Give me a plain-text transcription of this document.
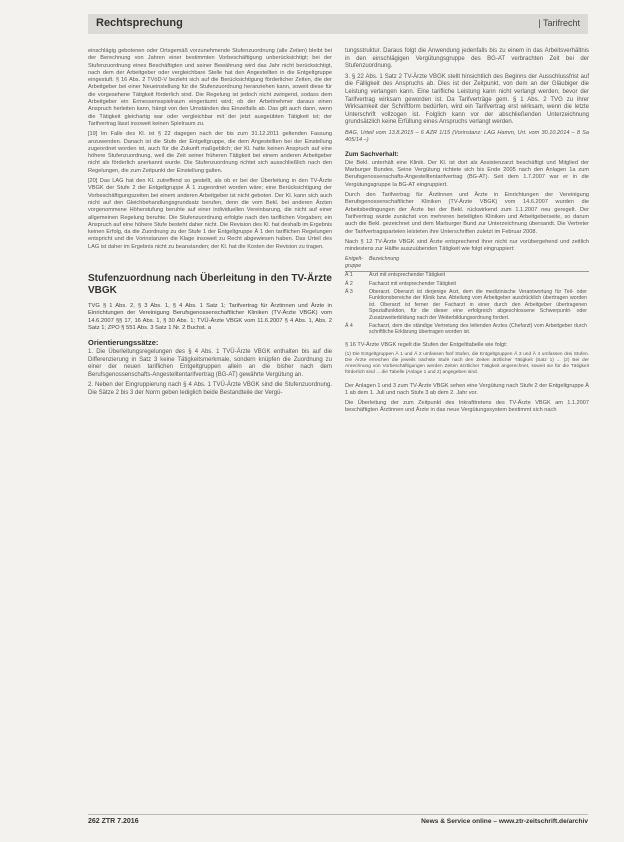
Rechtsprechung	| Tarifrecht

einschlägig gebotenen oder Ortsgemäß vorzunehmende Stufenzuordnung (alle Zeiten) bleibt bei der Berechnung von Jahren einer bestimmten Vorbeschäftigung unberücksichtigt; bei der Stufenzuordnung eines Beschäftigten und seiner Bewährung wird das Jahr nicht berücksichtigt, nach dem der Arbeitgeber oder vergleichbare Stelle hat den Angestellten in die Entgeltgruppe eingestuft. § 16 Abs. 2 TVöD-V bezieht sich auf die Berücksichtigung förderlicher Zeiten, die der Arbeitgeber bei einer Neueinstellung für die Stufenzuordnung heranziehen kann, soweit diese für die vorgesehene Tätigkeit förderlich sind. Die Regelung ist jedoch nicht zwingend, sodass dem Arbeitgeber ein Ermessensspielraum eingeräumt wird; ob der Arbeitnehmer daraus einen Anspruch herleiten kann, hängt von den Umständen des Einzelfalls ab. Das gilt auch dann, wenn die Tätigkeit gleichartig war oder vergleichbar mit der jetzt ausgeübten Tätigkeit ist; der Tarifvertrag lässt insoweit keinen Spielraum zu.

[19] Im Falle des Kl. ist § 22 dagegen nach der bis zum 31.12.2011 geltenden Fassung anzuwenden. Danach ist die Stufe der Entgeltgruppe, die dem Angestellten bei der Einstellung zugeordnet worden ist, auch für die Zukunft maßgeblich; der Kl. hatte keinen Anspruch auf eine höhere Stufenzuordnung, weil die Zeit seiner früheren Tätigkeit bei einem anderen Arbeitgeber nicht als förderlich anerkannt wurde. Die Stufenzuordnung richtet sich ausschließlich nach den Regelungen, die zum Zeitpunkt der Einstellung galten.

[20] Das LAG hat den Kl. zutreffend so gestellt, als ob er bei der Überleitung in den TV-Ärzte VBGK der Stufe 2 der Entgeltgruppe Ä 1 zugeordnet worden wäre; eine Berücksichtigung der Vorbeschäftigungszeiten bei einem anderen Arbeitgeber ist nicht geboten. Der Kl. kann sich auch nicht auf den Gleichbehandlungsgrundsatz berufen, denn die vom Bekl. bei anderen Ärzten vorgenommene Höherstufung beruhte auf einer individuellen Vereinbarung, die nicht auf einer allgemeinen Regelung beruhte. Die Stufenzuordnung erfolgte nach den tariflichen Vorgaben; ein Anspruch auf eine höhere Stufe besteht daher nicht. Die Revision des Kl. hat deshalb im Ergebnis keinen Erfolg, da die Zuordnung zu der Stufe 1 der Entgeltgruppe Ä 1 den tariflichen Regelungen entspricht und die Vorinstanzen die Klage insoweit zu Recht abgewiesen haben. Das Urteil des LAG ist daher im Ergebnis nicht zu beanstanden; der Kl. hat die Kosten der Revision zu tragen.

Stufenzuordnung nach Überleitung in den TV-Ärzte VBGK
TVG § 1 Abs. 2, § 3 Abs. 1, § 4 Abs. 1 Satz 1; Tarifvertrag für Ärztinnen und Ärzte in Einrichtungen der Vereinigung Berufsgenossenschaftlicher Kliniken (TV-Ärzte VBGK) vom 14.6.2007 §§ 17, 16 Abs. 1, § 30 Abs. 1; TVÜ-Ärzte VBGK vom 11.6.2007 § 4 Abs. 1, Abs. 2 Satz 1; ZPO § 551 Abs. 3 Satz 1 Nr. 2 Buchst. a
Orientierungssätze:

1. Die Überleitungsregelungen des § 4 Abs. 1 TVÜ-Ärzte VBGK enthalten bis auf die Differenzierung in Satz 3 keine Tätigkeitsmerkmale, sondern knüpfen die Zuordnung zu einer der neuen tariflichen Entgeltgruppen allein an die bisher nach dem Berufsgenossenschafts-Angestelltentarifvertrag (BG-AT) gewährte Vergütung an.

2. Neben der Eingruppierung nach § 4 Abs. 1 TVÜ-Ärzte VBGK sind die Stufenzuordnung. Die Sätze 2 bis 3 der Norm geben lediglich beide Bestandteile der Vergü-

tungsstruktur. Daraus folgt die Anwendung jedenfalls bis zu einem in das Arbeitsverhältnis in den einschlägigen Vergütungsgruppe des BG-AT verbrachten Zeit bei der Stufenzuordnung.

3. § 22 Abs. 1 Satz 2 TV-Ärzte VBGK stellt hinsichtlich des Beginns der Ausschlussfrist auf die Fälligkeit des Anspruchs ab. Dies ist der Zeitpunkt, von dem an der Gläubiger die Leistung verlangen kann. Eine tarifliche Leistung kann nicht verlangt werden, bevor der Tarifvertrag wirksam geworden ist. Da Tarifverträge gem. § 1 Abs. 2 TVG zu ihrer Wirksamkeit der Schriftform bedürfen, wird ein Tarifvertrag erst wirksam, wenn die letzte Unterschrift vollzogen ist. Folglich kann vor der abschließenden Unterzeichnung grundsätzlich keine Erfüllung eines Anspruchs verlangt werden.

BAG, Urteil vom 13.8.2015 – 6 AZR 1/15 (Vorinstanz: LAG Hamm, Urt. vom 30.10.2014 – 8 Sa 405/14 –)

Zum Sachverhalt:

Die Bekl. unterhält eine Klinik. Der Kl. ist dort als Assistenzarzt beschäftigt und Mitglied der Marburger Bundes. Seine Vergütung richtete sich bis Ende 2005 nach den Anlagen 1a zum Berufsgenossenschafts-Angestelltentarifvertrag (BG-AT). Seit dem 1.7.2007 war er in die Vergütungsgruppe Ia BG-AT eingruppiert.

Durch den Tarifvertrag für Ärztinnen und Ärzte in Einrichtungen der Vereinigung Berufsgenossenschaftlicher Kliniken (TV-Ärzte VBGK) vom 14.6.2007 wurden die Arbeitsbedingungen der Ärzte bei der Bekl. rückwirkend zum 1.1.2007 neu geregelt. Der Tarifvertrag wurde zunächst von mehreren beteiligten Kliniken und Arbeitgeberseite, so darum auch die Bekl. gezeichnet und dem Marburger Bund zur Unterzeichnung übersandt. Die Vertreter der Tarifvertragsparteien leisteten ihre Unterschriften zuletzt im Februar 2008.

Nach § 12 TV-Ärzte VBGK sind Ärzte entsprechend ihrer nicht nur vorübergehend und zeitlich mindestens zur Hälfte auszuübenden Tätigkeit wie folgt eingruppiert:

Entgelt-gruppe	Bezeichnung
Ä 1	Arzt mit entsprechender Tätigkeit
Ä 2	Facharzt mit entsprechender Tätigkeit
Ä 3	Oberarzt. Oberarzt ist derjenige Arzt, dem die medizinische Verantwortung für Teil- oder Funktionsbereiche der Klinik bzw. Abteilung vom Arbeitgeber ausdrücklich übertragen worden ist. Oberarzt ist ferner der Facharzt in einer durch den Arbeitgeber übertragenen Spezialfunktion, für die dieser eine erfolgreich abgeschlossene Schwerpunkt- oder Zusatzweiterbildung nach der Weiterbildungsordnung fordert.
Ä 4	Facharzt, dem die ständige Vertretung des leitenden Arztes (Chefarzt) vom Arbeitgeber durch schriftliche Erklärung übertragen worden ist.

§ 16 TV-Ärzte VBGK regelt die Stufen der Entgelttabelle wie folgt:

(1) Die Entgeltgruppen Ä 1 und Ä 2 umfassen fünf Stufen, die Entgeltgruppen Ä 3 und Ä 4 umfassen drei Stufen. Die Ärzte erreichen die jeweils nächste Stufe nach den Zeiten ärztlicher Tätigkeit (Satz 1) ... (2) Bei der Anrechnung von Vorbeschäftigungen werden Zeiten ärztlicher Tätigkeit angerechnet, soweit sie für die Tätigkeit förderlich sind ... die Tabelle (Anlage 1 und 2) angegeben sind.

Der Anlagen 1 und 3 zum TV-Ärzte VBGK sehen eine Vergütung nach Stufe 2 der Entgeltgruppe Ä 1 ab dem 1. Juli und nach Stufe 3 ab dem 2. Jahr vor.

Die Überleitung der zum Zeitpunkt des Inkrafttretens des TV-Ärzte VBGK am 1.1.2007 beschäftigten Ärztinnen und Ärzte in das neue Vergütungssystem bestimmt sich nach

262 ZTR 7.2016	News & Service online – www.ztr-zeitschrift.de/archiv
